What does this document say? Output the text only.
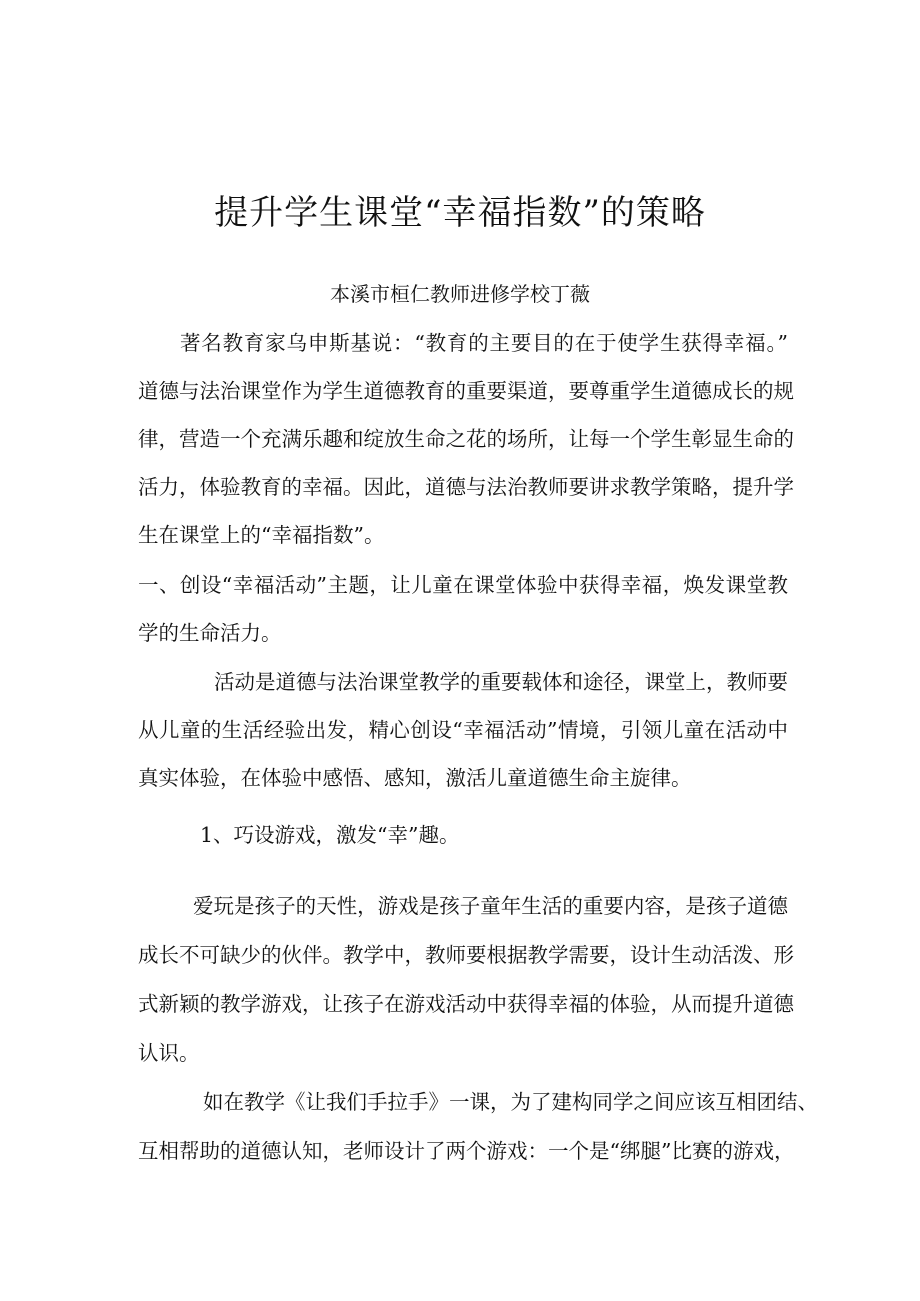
提升学生课堂“幸福指数”的策略
本溪市桓仁教师进修学校丁薇
著名教育家乌申斯基说：“教育的主要目的在于使学生获得幸福。”
道德与法治课堂作为学生道德教育的重要渠道，要尊重学生道德成长的规
律，营造一个充满乐趣和绽放生命之花的场所，让每一个学生彰显生命的
活力，体验教育的幸福。因此，道德与法治教师要讲求教学策略，提升学
生在课堂上的“幸福指数”。
一、创设“幸福活动”主题，让儿童在课堂体验中获得幸福，焕发课堂教
学的生命活力。
活动是道德与法治课堂教学的重要载体和途径，课堂上，教师要
从儿童的生活经验出发，精心创设“幸福活动”情境，引领儿童在活动中
真实体验，在体验中感悟、感知，激活儿童道德生命主旋律。
1、巧设游戏，激发“幸”趣。
爱玩是孩子的天性，游戏是孩子童年生活的重要内容，是孩子道德
成长不可缺少的伙伴。教学中，教师要根据教学需要，设计生动活泼、形
式新颖的教学游戏，让孩子在游戏活动中获得幸福的体验，从而提升道德
认识。
如在教学《让我们手拉手》一课，为了建构同学之间应该互相团结、
互相帮助的道德认知，老师设计了两个游戏：一个是“绑腿”比赛的游戏，
